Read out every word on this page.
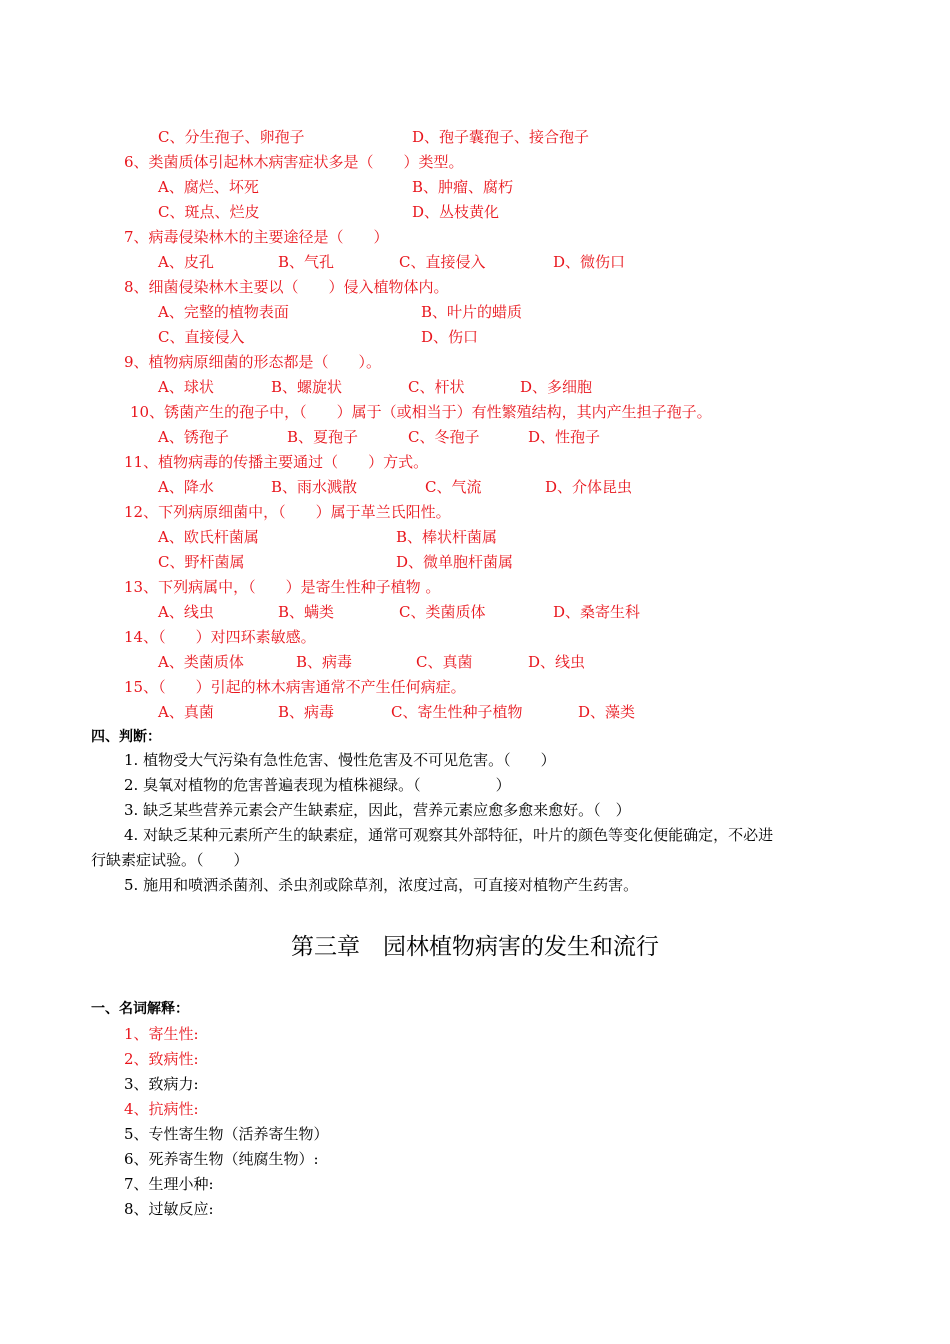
C、分生孢子、卵孢子	D、孢子囊孢子、接合孢子
6、类菌质体引起林木病害症状多是（　　）类型。
A、腐烂、坏死	B、肿瘤、腐朽
C、斑点、烂皮	D、丛枝黄化
7、病毒侵染林木的主要途径是（　　）
A、皮孔	B、气孔	C、直接侵入	D、微伤口
8、细菌侵染林木主要以（　　）侵入植物体内。
A、完整的植物表面	B、叶片的蜡质
C、直接侵入	D、伤口
9、植物病原细菌的形态都是（　　）。
A、球状	B、螺旋状	C、杆状	D、多细胞
10、锈菌产生的孢子中，（　　）属于（或相当于）有性繁殖结构，其内产生担子孢子。
A、锈孢子	B、夏孢子	C、冬孢子	D、性孢子
11、植物病毒的传播主要通过（　　）方式。
A、降水	B、雨水溅散	C、气流	D、介体昆虫
12、下列病原细菌中，（　　）属于革兰氏阳性。
A、欧氏杆菌属	B、棒状杆菌属
C、野杆菌属	D、微单胞杆菌属
13、下列病属中，（　　）是寄生性种子植物 。
A、线虫	B、螨类	C、类菌质体	D、桑寄生科
14、（　　）对四环素敏感。
A、类菌质体	B、病毒	C、真菌	D、线虫
15、（　　）引起的林木病害通常不产生任何病症。
A、真菌	B、病毒	C、寄生性种子植物	D、藻类
四、判断：
1. 植物受大气污染有急性危害、慢性危害及不可见危害。（　　）
2. 臭氧对植物的危害普遍表现为植株褪绿。（　　　　　）
3. 缺乏某些营养元素会产生缺素症，因此，营养元素应愈多愈来愈好。（　）
4. 对缺乏某种元素所产生的缺素症，通常可观察其外部特征，叶片的颜色等变化便能确定，不必进
行缺素症试验。（　　）
5. 施用和喷洒杀菌剂、杀虫剂或除草剂，浓度过高，可直接对植物产生药害。
第三章　园林植物病害的发生和流行
一、名词解释：
1、寄生性:
2、致病性:
3、致病力:
4、抗病性:
5、专性寄生物（活养寄生物）
6、死养寄生物（纯腐生物）:
7、生理小种:
8、过敏反应:
